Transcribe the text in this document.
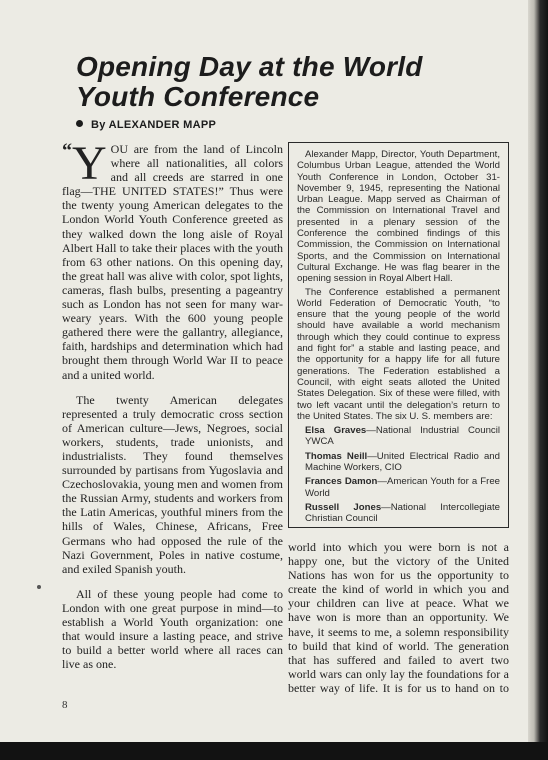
Opening Day at the World Youth Conference
By ALEXANDER MAPP

“ Y OU are from the land of Lincoln where all nationalities, all colors and all creeds are starred in one flag—THE UNITED STATES!” Thus were the twenty young American delegates to the London World Youth Conference greeted as they walked down the long aisle of Royal Albert Hall to take their places with the youth from 63 other nations. On this opening day, the great hall was alive with color, spot lights, cameras, flash bulbs, presenting a pageantry such as London has not seen for many war-weary years. With the 600 young people gathered there were the gallantry, allegiance, faith, hardships and determination which had brought them through World War II to peace and a united world.

The twenty American delegates represented a truly democratic cross section of American culture—Jews, Negroes, social workers, students, trade unionists, and industrialists. They found themselves surrounded by partisans from Yugoslavia and Czechoslovakia, young men and women from the Russian Army, students and workers from the Latin Americas, youthful miners from the hills of Wales, Chinese, Africans, Free Germans who had opposed the rule of the Nazi Government, Poles in native costume, and exiled Spanish youth.

All of these young people had come to London with one great purpose in mind—to establish a World Youth organization: one that would insure a lasting peace, and strive to build a better world where all races can live as one.

Alexander Mapp, Director, Youth Department, Columbus Urban League, attended the World Youth Conference in London, October 31-November 9, 1945, representing the National Urban League. Mapp served as Chairman of the Commission on International Travel and presented in a plenary session of the Conference the combined findings of this Commission, the Commission on International Sports, and the Commission on International Cultural Exchange. He was flag bearer in the opening session in Royal Albert Hall.

The Conference established a permanent World Federation of Democratic Youth, “to ensure that the young people of the world should have available a world mechanism through which they could continue to express and fight for” a stable and lasting peace, and the opportunity for a happy life for all future generations. The Federation established a Council, with eight seats alloted the United States Delegation. Six of these were filled, with two left vacant until the delegation’s return to the United States. The six U. S. members are:

Elsa Graves—National Industrial Council YWCA

Thomas Neill—United Electrical Radio and Machine Workers, CIO

Frances Damon—American Youth for a Free World

Russell Jones—National Intercollegiate Christian Council

world into which you were born is not a happy one, but the victory of the United Nations has won for us the opportunity to create the kind of world in which you and your children can live at peace. What we have won is more than an opportunity. We have, it seems to me, a solemn responsibility to build that kind of world. The generation that has suffered and failed to avert two world wars can only lay the foundations for a better way of life. It is for us to hand on to

8
